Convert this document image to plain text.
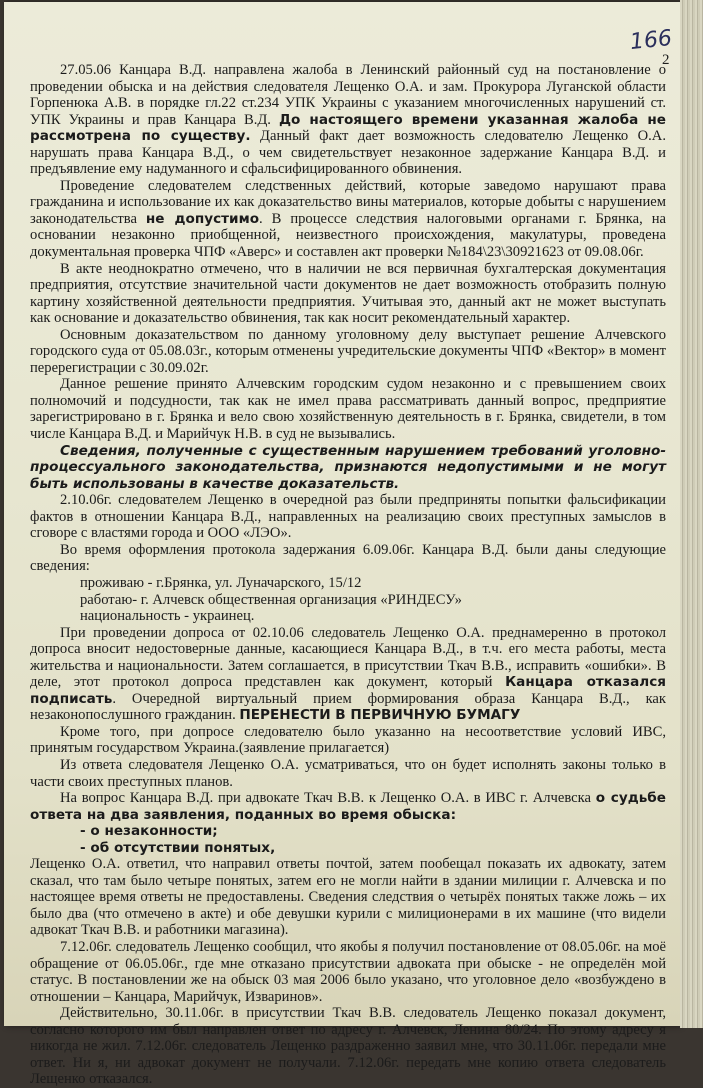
166
2

27.05.06 Канцара В.Д. направлена жалоба в Ленинский районный суд на постановление о проведении обыска и на действия следователя Лещенко О.А. и зам. Прокурора Луганской области Горпенюка А.В. в порядке гл.22 ст.234 УПК Украины с указанием многочисленных нарушений ст. УПК Украины и прав Канцара В.Д. До настоящего времени указанная жалоба не рассмотрена по существу. Данный факт дает возможность следователю Лещенко О.А. нарушать права Канцара В.Д., о чем свидетельствует незаконное задержание Канцара В.Д. и предъявление ему надуманного и сфальсифицированного обвинения.

Проведение следователем следственных действий, которые заведомо нарушают права гражданина и использование их как доказательство вины материалов, которые добыты с нарушением законодательства не допустимо. В процессе следствия налоговыми органами г. Брянка, на основании незаконно приобщенной, неизвестного происхождения, макулатуры, проведена документальная проверка ЧПФ «Аверс» и составлен акт проверки №184\23\30921623 от 09.08.06г.

В акте неоднократно отмечено, что в наличии не вся первичная бухгалтерская документация предприятия, отсутствие значительной части документов не дает возможность отобразить полную картину хозяйственной деятельности предприятия. Учитывая это, данный акт не может выступать как основание и доказательство обвинения, так как носит рекомендательный характер.

Основным доказательством по данному уголовному делу выступает решение Алчевского городского суда от 05.08.03г., которым отменены учредительские документы ЧПФ «Вектор» в момент перерегистрации с 30.09.02г.

Данное решение принято Алчевским городским судом незаконно и с превышением своих полномочий и подсудности, так как не имел права рассматривать данный вопрос, предприятие зарегистрировано в г. Брянка и вело свою хозяйственную деятельность в г. Брянка, свидетели, в том числе Канцара В.Д. и Марийчук Н.В. в суд не вызывались.

Сведения, полученные с существенным нарушением требований уголовно-процессуального законодательства, признаются недопустимыми и не могут быть использованы в качестве доказательств.

2.10.06г. следователем Лещенко в очередной раз были предприняты попытки фальсификации фактов в отношении Канцара В.Д., направленных на реализацию своих преступных замыслов в сговоре с властями города и ООО «ЛЭО».

Во время оформления протокола задержания 6.09.06г. Канцара В.Д. были даны следующие сведения:

проживаю - г.Брянка, ул. Луначарского, 15/12

работаю- г. Алчевск общественная организация «РИНДЕСУ»

национальность - украинец.

При проведении допроса от 02.10.06 следователь Лещенко О.А. преднамеренно в протокол допроса вносит недостоверные данные, касающиеся Канцара В.Д., в т.ч. его места работы, места жительства и национальности. Затем соглашается, в присутствии Ткач В.В., исправить «ошибки». В деле, этот протокол допроса представлен как документ, который Канцара отказался подписать. Очередной виртуальный прием формирования образа Канцара В.Д., как незаконопослушного гражданин. ПЕРЕНЕСТИ В ПЕРВИЧНУЮ БУМАГУ

Кроме того, при допросе следователю было указанно на несоответствие условий ИВС, принятым государством Украина.(заявление прилагается)

Из ответа следователя Лещенко О.А. усматриваться, что он будет исполнять законы только в части своих преступных планов.

На вопрос Канцара В.Д. при адвокате Ткач В.В. к Лещенко О.А. в ИВС г. Алчевска о судьбе ответа на два заявления, поданных во время обыска:

- о незаконности;

- об отсутствии понятых,

Лещенко О.А. ответил, что направил ответы почтой, затем пообещал показать их адвокату, затем сказал, что там было четыре понятых, затем его не могли найти в здании милиции г. Алчевска и по настоящее время ответы не предоставлены. Сведения следствия о четырёх понятых также ложь – их было два (что отмечено в акте) и обе девушки курили с милиционерами в их машине (что видели адвокат Ткач В.В. и работники магазина).

7.12.06г. следователь Лещенко сообщил, что якобы я получил постановление от 08.05.06г. на моё обращение от 06.05.06г., где мне отказано присутствии адвоката при обыске - не определён мой статус. В постановлении же на обыск 03 мая 2006 было указано, что уголовное дело «возбуждено в отношении – Канцара, Марийчук, Изваринов».

Действительно, 30.11.06г. в присутствии Ткач В.В. следователь Лещенко показал документ, согласно которого им был направлен ответ по адресу г. Алчевск, Ленина 80/24. По этому адресу я никогда не жил. 7.12.06г. следователь Лещенко раздраженно заявил мне, что 30.11.06г. передали мне ответ. Ни я, ни адвокат документ не получали. 7.12.06г. передать мне копию ответа следователь Лещенко отказался.
